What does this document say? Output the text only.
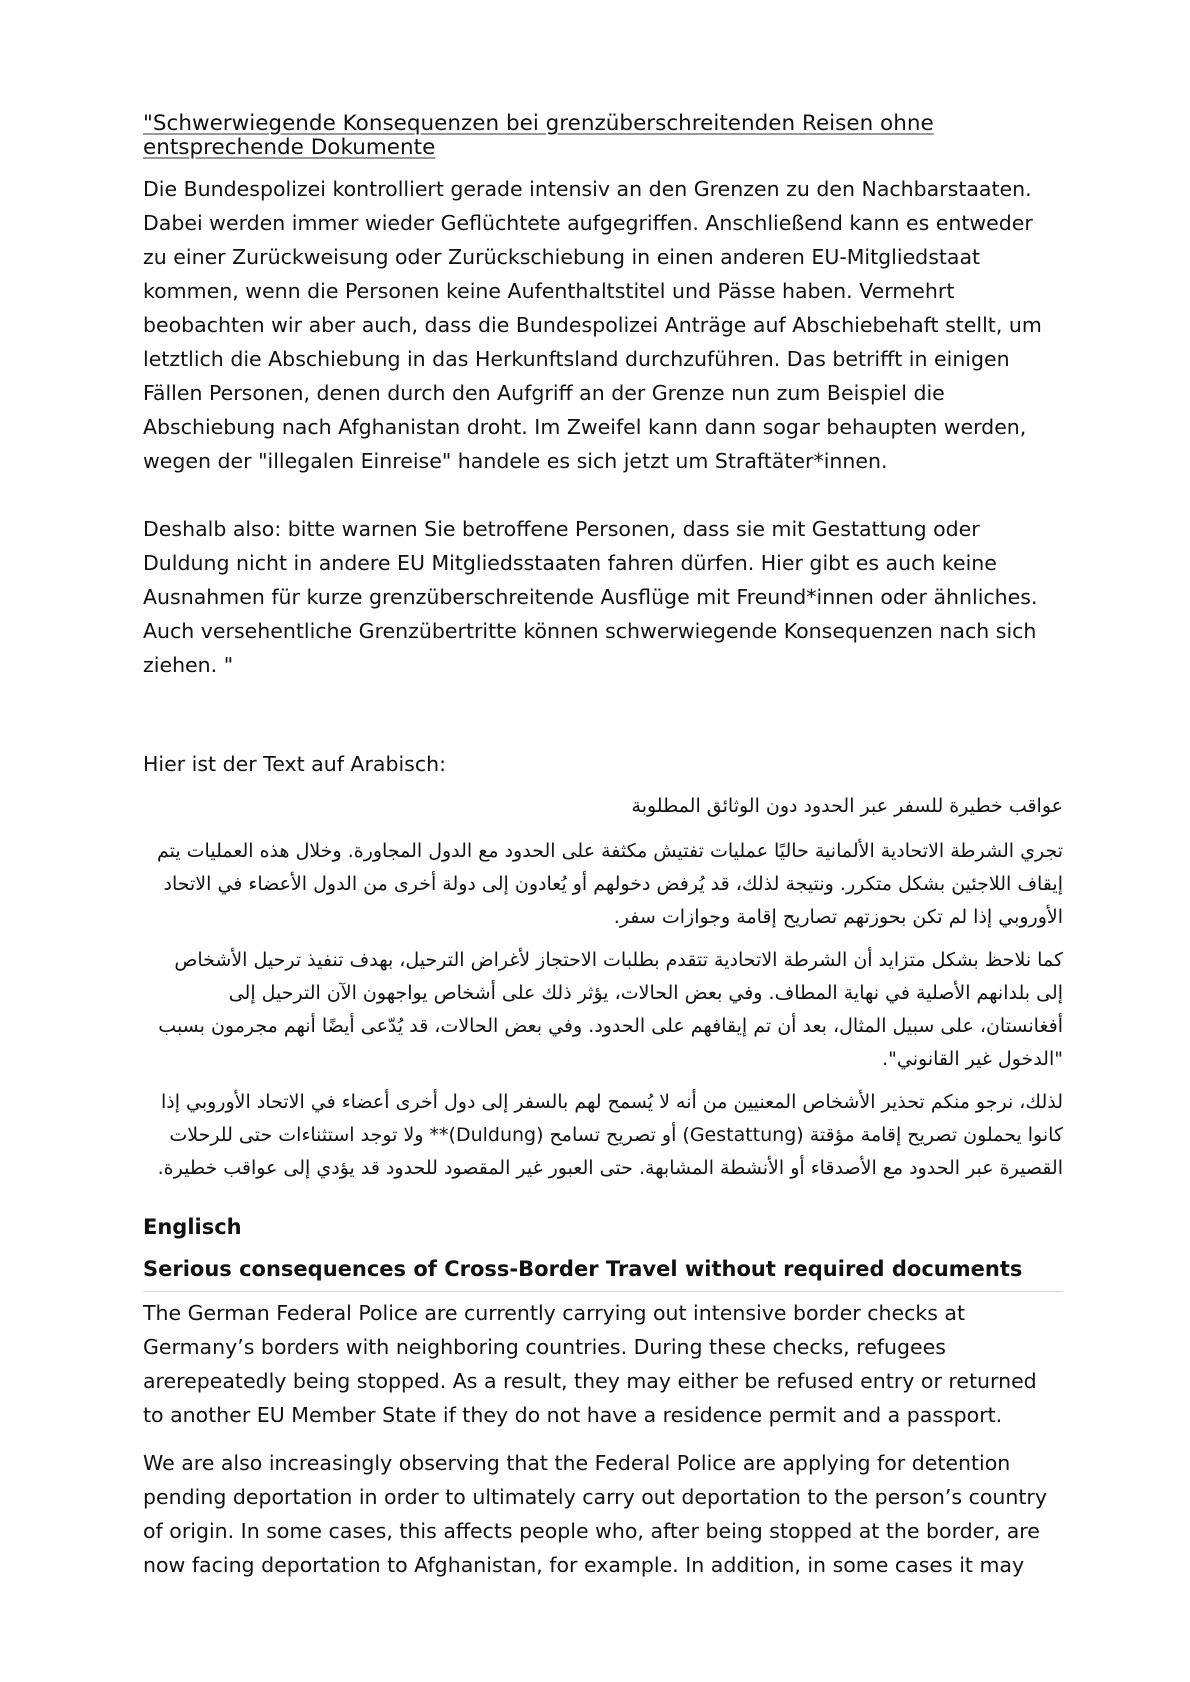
"Schwerwiegende Konsequenzen bei grenzüberschreitenden Reisen ohne entsprechende Dokumente

Die Bundespolizei kontrolliert gerade intensiv an den Grenzen zu den Nachbarstaaten. Dabei werden immer wieder Geflüchtete aufgegriffen. Anschließend kann es entweder zu einer Zurückweisung oder Zurückschiebung in einen anderen EU-Mitgliedstaat kommen, wenn die Personen keine Aufenthaltstitel und Pässe haben. Vermehrt beobachten wir aber auch, dass die Bundespolizei Anträge auf Abschiebehaft stellt, um letztlich die Abschiebung in das Herkunftsland durchzuführen. Das betrifft in einigen Fällen Personen, denen durch den Aufgriff an der Grenze nun zum Beispiel die Abschiebung nach Afghanistan droht. Im Zweifel kann dann sogar behaupten werden, wegen der "illegalen Einreise" handele es sich jetzt um Straftäter*innen.

Deshalb also: bitte warnen Sie betroffene Personen, dass sie mit Gestattung oder Duldung nicht in andere EU Mitgliedsstaaten fahren dürfen. Hier gibt es auch keine Ausnahmen für kurze grenzüberschreitende Ausflüge mit Freund*innen oder ähnliches. Auch versehentliche Grenzübertritte können schwerwiegende Konsequenzen nach sich ziehen. "

Hier ist der Text auf Arabisch:

عواقب خطيرة للسفر عبر الحدود دون الوثائق المطلوبة

تجري الشرطة الاتحادية الألمانية حاليًا عمليات تفتيش مكثفة على الحدود مع الدول المجاورة. وخلال هذه العمليات يتم إيقاف اللاجئين بشكل متكرر. ونتيجة لذلك، قد يُرفض دخولهم أو يُعادون إلى دولة أخرى من الدول الأعضاء في الاتحاد الأوروبي إذا لم تكن بحوزتهم تصاريح إقامة وجوازات سفر.

كما نلاحظ بشكل متزايد أن الشرطة الاتحادية تتقدم بطلبات الاحتجاز لأغراض الترحيل، بهدف تنفيذ ترحيل الأشخاص إلى بلدانهم الأصلية في نهاية المطاف. وفي بعض الحالات، يؤثر ذلك على أشخاص يواجهون الآن الترحيل إلى أفغانستان، على سبيل المثال، بعد أن تم إيقافهم على الحدود. وفي بعض الحالات، قد يُدّعى أيضًا أنهم مجرمون بسبب "الدخول غير القانوني".

لذلك، نرجو منكم تحذير الأشخاص المعنيين من أنه لا يُسمح لهم بالسفر إلى دول أخرى أعضاء في الاتحاد الأوروبي إذا كانوا يحملون تصريح إقامة مؤقتة (Gestattung) أو تصريح تسامح (Duldung)** ولا توجد استثناءات حتى للرحلات القصيرة عبر الحدود مع الأصدقاء أو الأنشطة المشابهة. حتى العبور غير المقصود للحدود قد يؤدي إلى عواقب خطيرة.

Englisch

Serious consequences of Cross-Border Travel without required documents

The German Federal Police are currently carrying out intensive border checks at Germany’s borders with neighboring countries. During these checks, refugees arerepeatedly being stopped. As a result, they may either be refused entry or returned to another EU Member State if they do not have a residence permit and a passport.

We are also increasingly observing that the Federal Police are applying for detention pending deportation in order to ultimately carry out deportation to the person’s country of origin. In some cases, this affects people who, after being stopped at the border, are now facing deportation to Afghanistan, for example. In addition, in some cases it may
